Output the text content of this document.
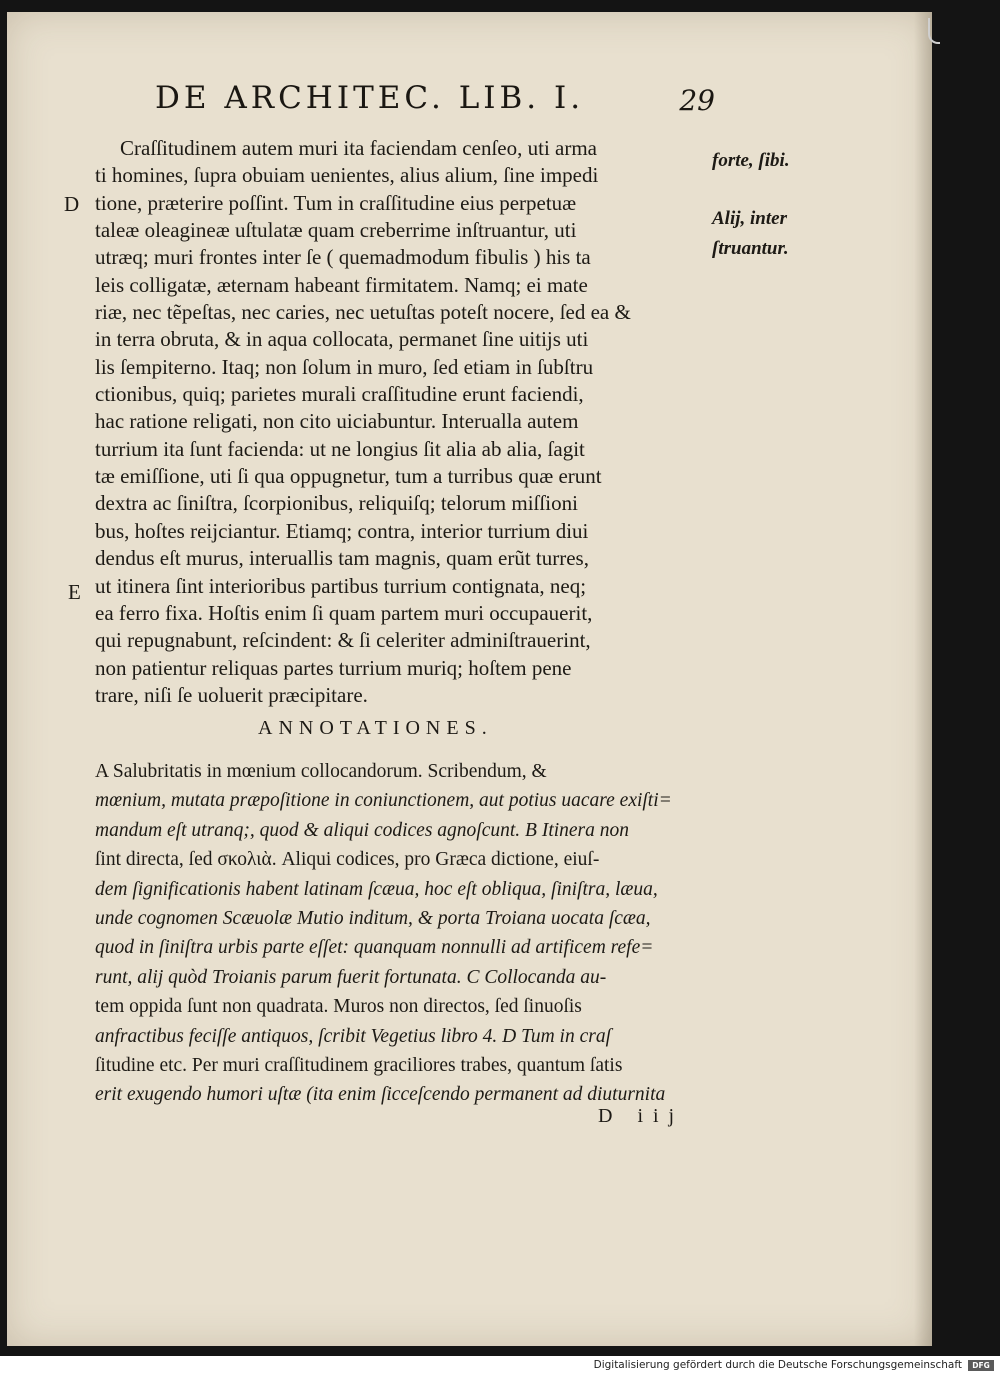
DE ARCHITEC. LIB. I.	29
Craſſitudinem autem muri ita faciendam cenſeo, uti arma
ti homines, ſupra obuiam uenientes, alius alium, ſine impedi
tione, præterire poſſint. Tum in craſſitudine eius perpetuæ
taleæ oleagineæ uſtulatæ quam creberrime inſtruantur, uti
utræq; muri frontes inter ſe ( quemadmodum fibulis ) his ta
leis colligatæ, æternam habeant firmitatem. Namq; ei mate
riæ, nec tẽpeſtas, nec caries, nec uetuſtas poteſt nocere, ſed ea &
in terra obruta, & in aqua collocata, permanet ſine uitijs uti
lis ſempiterno. Itaq; non ſolum in muro, ſed etiam in ſubſtru
ctionibus, quiq; parietes murali craſſitudine erunt faciendi,
hac ratione religati, non cito uiciabuntur. Interualla autem
turrium ita ſunt facienda: ut ne longius ſit alia ab alia, ſagit
tæ emiſſione, uti ſi qua oppugnetur, tum a turribus quæ erunt
dextra ac ſiniſtra, ſcorpionibus, reliquiſq; telorum miſſioni
bus, hoſtes reijciantur. Etiamq; contra, interior turrium diui
dendus eſt murus, interuallis tam magnis, quam erũt turres,
ut itinera ſint interioribus partibus turrium contignata, neq;
ea ferro fixa. Hoſtis enim ſi quam partem muri occupauerit,
qui repugnabunt, reſcindent: & ſi celeriter adminiſtrauerint,
non patientur reliquas partes turrium muriq; hoſtem pene
trare, niſi ſe uoluerit præcipitare.
D
E
forte, ſibi.
Alij, inter
ſtruantur.
ANNOTATIONES.
A Salubritatis in mœnium collocandorum. Scribendum, &
mœnium, mutata præpoſitione in coniunctionem, aut potius uacare exiſti=
mandum eſt utranq;, quod & aliqui codices agnoſcunt. B Itinera non
ſint directa, ſed σκολιὰ. Aliqui codices, pro Græca dictione, eiuſ-
dem ſignificationis habent latinam ſcæua, hoc eſt obliqua, ſiniſtra, læua,
unde cognomen Scæuolæ Mutio inditum, & porta Troiana uocata ſcæa,
quod in ſiniſtra urbis parte eſſet: quanquam nonnulli ad artificem refe=
runt, alij quòd Troianis parum fuerit fortunata. C Collocanda au-
tem oppida ſunt non quadrata. Muros non directos, ſed ſinuoſis
anfractibus feciſſe antiquos, ſcribit Vegetius libro 4. D Tum in craſ
ſitudine etc. Per muri craſſitudinem graciliores trabes, quantum ſatis
erit exugendo humori uſtæ (ita enim ſicceſcendo permanent ad diuturnita
D iij
Digitalisierung gefördert durch die Deutsche Forschungsgemeinschaft	DFG
